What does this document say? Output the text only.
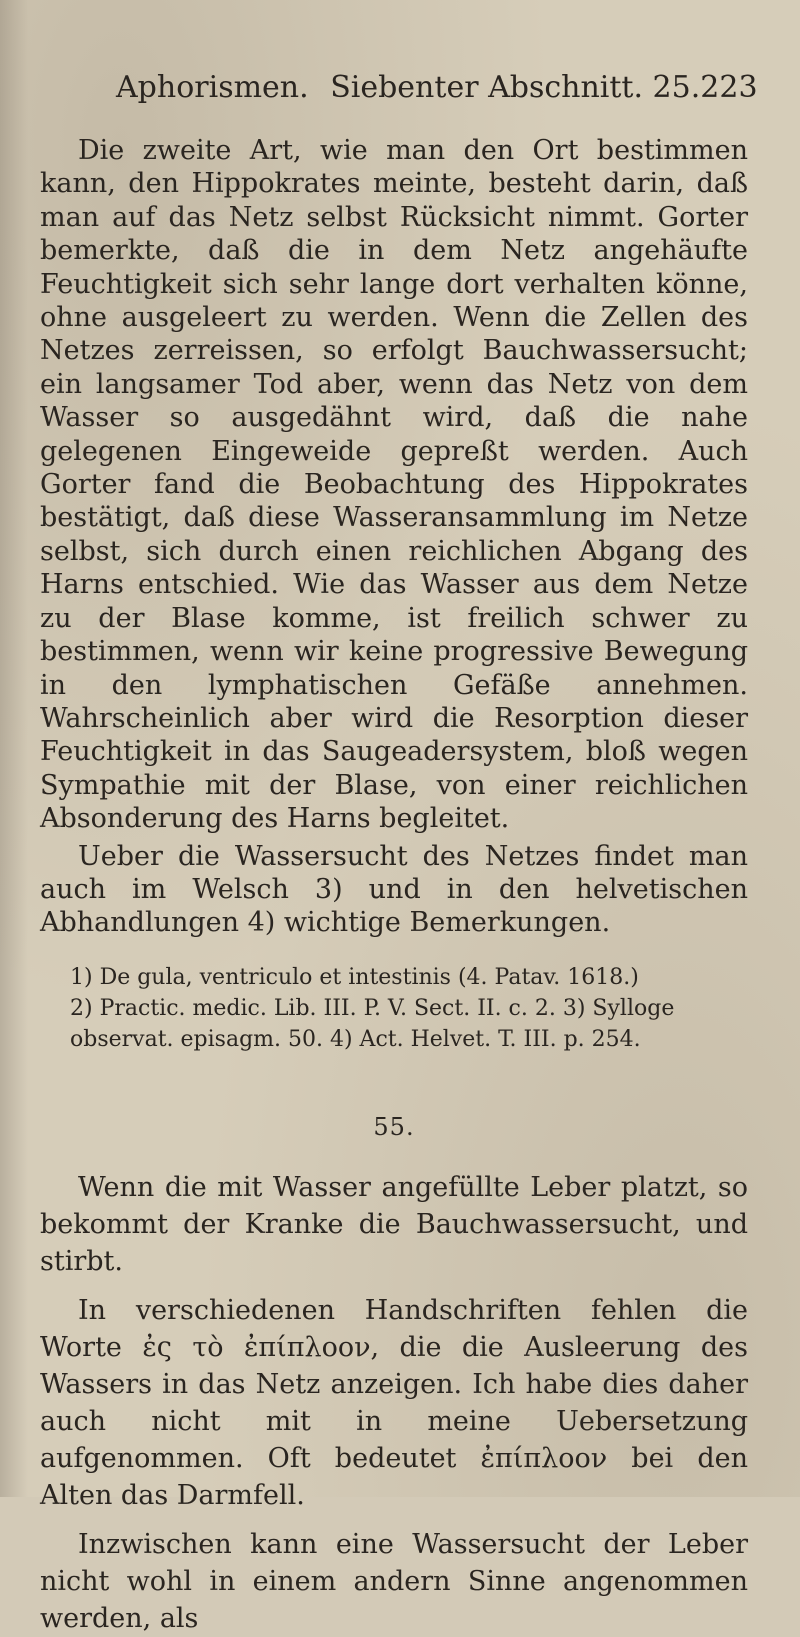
Aphorismen. Siebenter Abschnitt. 25. 223

Die zweite Art, wie man den Ort bestimmen kann, den Hippokrates meinte, besteht darin, daß man auf das Netz selbst Rücksicht nimmt. Gorter bemerkte, daß die in dem Netz angehäufte Feuchtigkeit sich sehr lange dort verhalten könne, ohne ausgeleert zu werden. Wenn die Zellen des Netzes zerreissen, so erfolgt Bauchwassersucht; ein langsamer Tod aber, wenn das Netz von dem Wasser so ausgedähnt wird, daß die nahe gelegenen Eingeweide gepreßt werden. Auch Gorter fand die Beobachtung des Hippokrates bestätigt, daß diese Wasseransammlung im Netze selbst, sich durch einen reichlichen Abgang des Harns entschied. Wie das Wasser aus dem Netze zu der Blase komme, ist freilich schwer zu bestimmen, wenn wir keine progressive Bewegung in den lymphatischen Gefäße annehmen. Wahrscheinlich aber wird die Resorption dieser Feuchtigkeit in das Saugeadersystem, bloß wegen Sympathie mit der Blase, von einer reichlichen Absonderung des Harns begleitet.

Ueber die Wassersucht des Netzes findet man auch im Welsch 3) und in den helvetischen Abhandlungen 4) wichtige Bemerkungen.

1) De gula, ventriculo et intestinis (4. Patav. 1618.)

2) Practic. medic. Lib. III. P. V. Sect. II. c. 2. 3) Sylloge observat. episagm. 50. 4) Act. Helvet. T. III. p. 254.

55.

Wenn die mit Wasser angefüllte Leber platzt, so bekommt der Kranke die Bauchwassersucht, und stirbt.

In verschiedenen Handschriften fehlen die Worte ἐς τὸ ἐπίπλοον, die die Ausleerung des Wassers in das Netz anzeigen. Ich habe dies daher auch nicht mit in meine Uebersetzung aufgenommen. Oft bedeutet ἐπίπλοον bei den Alten das Darmfell.

Inzwischen kann eine Wassersucht der Leber nicht wohl in einem andern Sinne angenommen werden, als
